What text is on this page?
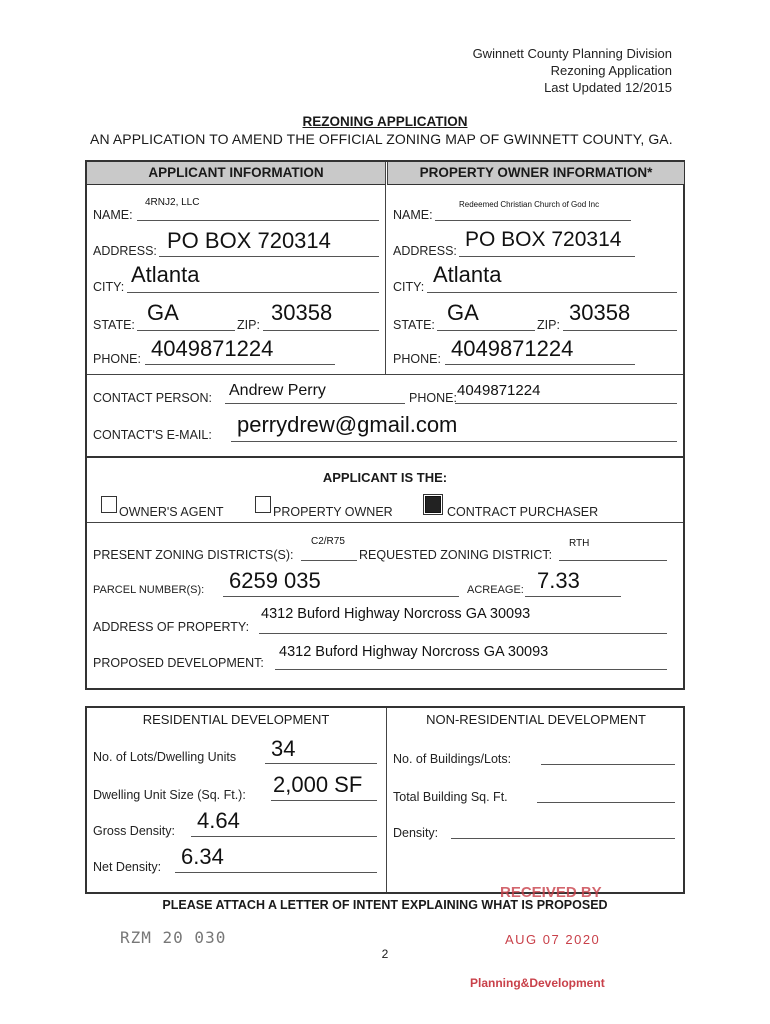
Gwinnett County Planning Division
Rezoning Application
Last Updated 12/2015
REZONING APPLICATION
AN APPLICATION TO AMEND THE OFFICIAL ZONING MAP OF GWINNETT COUNTY, GA.
APPLICANT INFORMATION	PROPERTY OWNER INFORMATION*
NAME:
4RNJ2, LLC
ADDRESS: PO BOX 720314
CITY: Atlanta
STATE: GA	ZIP: 30358
PHONE: 4049871224
NAME:
Redeemed Christian Church of God Inc
ADDRESS: PO BOX 720314
CITY: Atlanta
STATE: GA	ZIP: 30358
PHONE: 4049871224
CONTACT PERSON: Andrew Perry	PHONE: 4049871224
CONTACT'S E-MAIL: perrydrew@gmail.com
APPLICANT IS THE:
OWNER'S AGENT	PROPERTY OWNER	CONTRACT PURCHASER
PRESENT ZONING DISTRICTS(S):
C2/R75
REQUESTED ZONING DISTRICT:
RTH
PARCEL NUMBER(S): 6259 035	ACREAGE: 7.33
ADDRESS OF PROPERTY:
4312 Buford Highway Norcross GA 30093
PROPOSED DEVELOPMENT:
4312 Buford Highway Norcross GA 30093
RESIDENTIAL DEVELOPMENT	NON-RESIDENTIAL DEVELOPMENT
No. of Lots/Dwelling Units 34
Dwelling Unit Size (Sq. Ft.): 2,000 SF
Gross Density: 4.64
Net Density: 6.34
No. of Buildings/Lots:
Total Building Sq. Ft.
Density:
RECEIVED BY
PLEASE ATTACH A LETTER OF INTENT EXPLAINING WHAT IS PROPOSED
RZM 20 030	AUG 07 2020
2
Planning&Development
